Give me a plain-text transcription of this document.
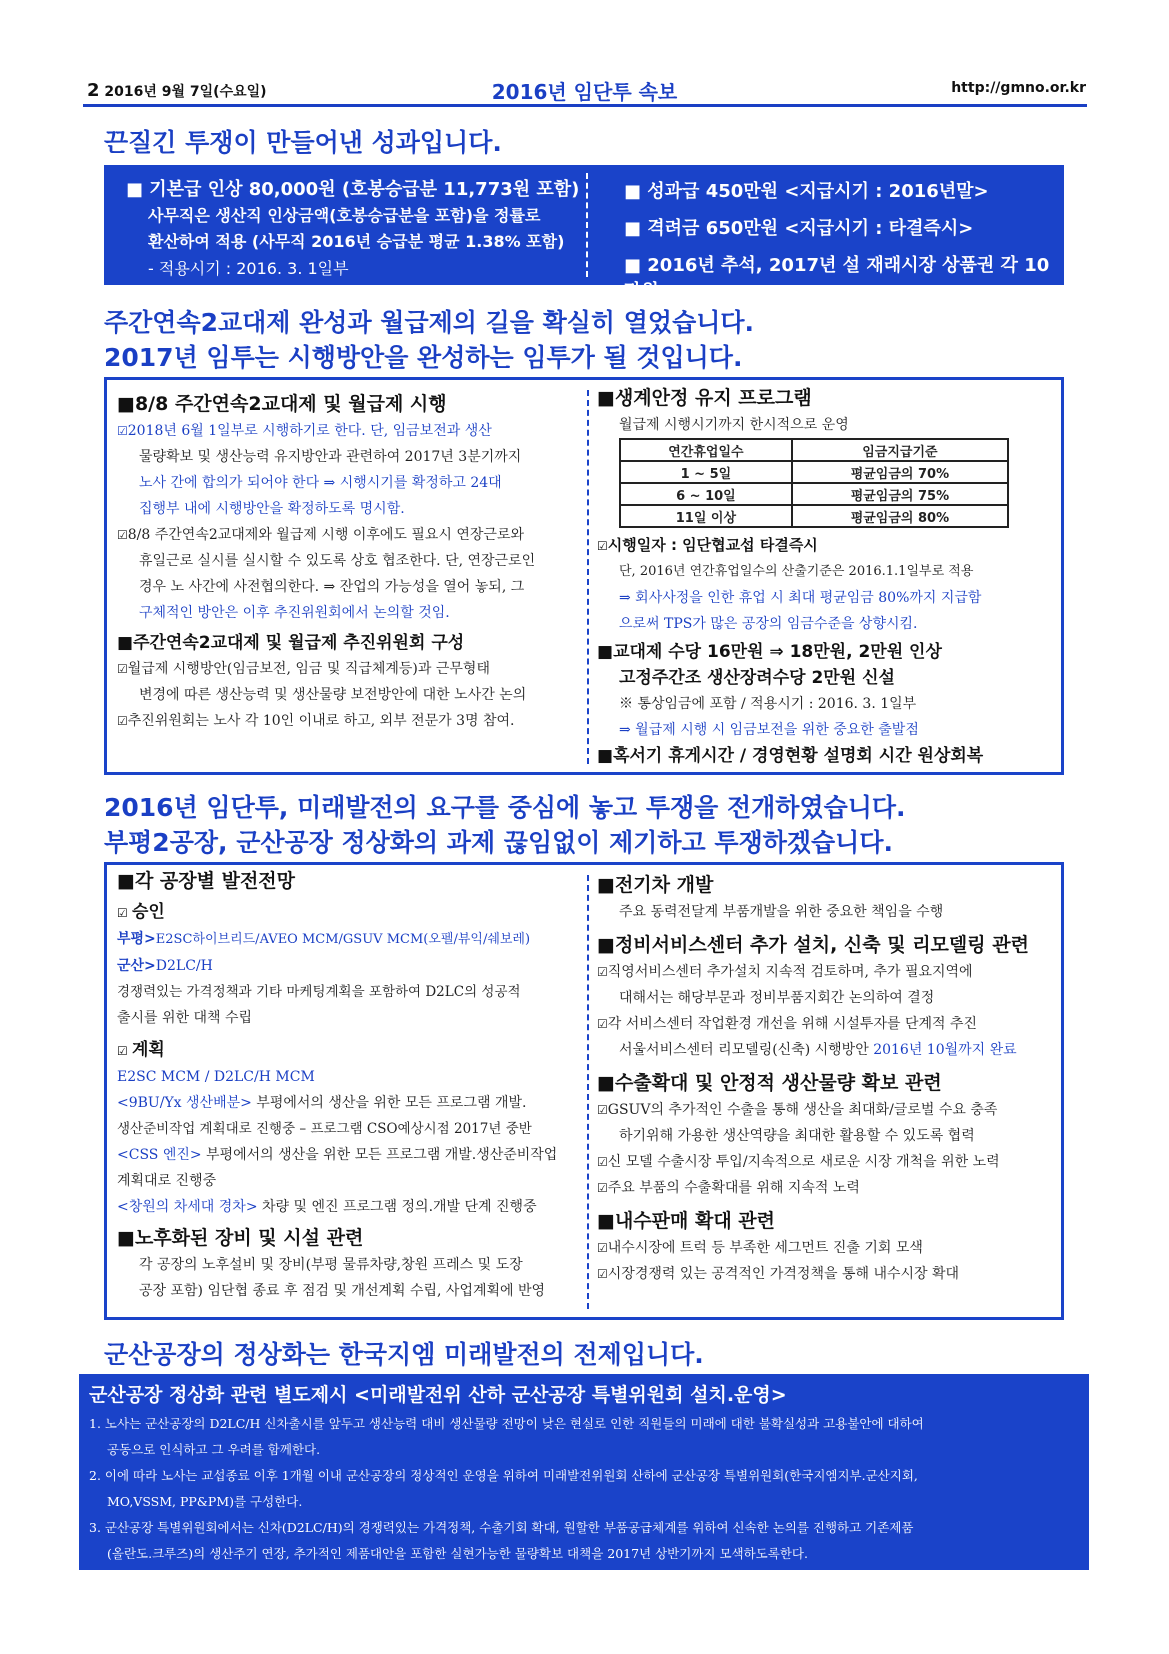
2 2016년 9월 7일(수요일)	2016년 임단투 속보	http://gmno.or.kr
끈질긴 투쟁이 만들어낸 성과입니다.
■ 기본급 인상 80,000원 (호봉승급분 11,773원 포함)
사무직은 생산직 인상금액(호봉승급분을 포함)을 정률로
환산하여 적용 (사무직 2016년 승급분 평균 1.38% 포함)
- 적용시기 : 2016. 3. 1일부
■ 성과급 450만원 <지급시기 : 2016년말>
■ 격려금 650만원 <지급시기 : 타결즉시>
■ 2016년 추석, 2017년 설 재래시장 상품권 각 10만원
주간연속2교대제 완성과 월급제의 길을 확실히 열었습니다.
2017년 임투는 시행방안을 완성하는 임투가 될 것입니다.
■ 8/8 주간연속2교대제 및 월급제 시행
☑2018년 6월 1일부로 시행하기로 한다. 단, 임금보전과 생산
물량확보 및 생산능력 유지방안과 관련하여 2017년 3분기까지
노사 간에 합의가 되어야 한다 ⇒ 시행시기를 확정하고 24대
집행부 내에 시행방안을 확정하도록 명시함.
☑8/8 주간연속2교대제와 월급제 시행 이후에도 필요시 연장근로와
휴일근로 실시를 실시할 수 있도록 상호 협조한다. 단, 연장근로인
경우 노 사간에 사전협의한다. ⇒ 잔업의 가능성을 열어 놓되, 그
구체적인 방안은 이후 추진위원회에서 논의할 것임.
■ 주간연속2교대제 및 월급제 추진위원회 구성
☑월급제 시행방안(임금보전, 임금 및 직급체계등)과 근무형태
변경에 따른 생산능력 및 생산물량 보전방안에 대한 노사간 논의
☑추진위원회는 노사 각 10인 이내로 하고, 외부 전문가 3명 참여.
■ 생계안정 유지 프로그램
월급제 시행시기까지 한시적으로 운영
연간휴업일수	임금지급기준
1 ~ 5일	평균임금의 70%
6 ~ 10일	평균임금의 75%
11일 이상	평균임금의 80%
☑시행일자 : 임단협교섭 타결즉시
단, 2016년 연간휴업일수의 산출기준은 2016.1.1일부로 적용
⇒ 회사사정을 인한 휴업 시 최대 평균임금 80%까지 지급함
으로써 TPS가 많은 공장의 임금수준을 상향시킴.
■ 교대제 수당 16만원 ⇒ 18만원, 2만원 인상
고정주간조 생산장려수당 2만원 신설
※ 통상임금에 포함 / 적용시기 : 2016. 3. 1일부
⇒ 월급제 시행 시 임금보전을 위한 중요한 출발점
■ 혹서기 휴게시간 / 경영현황 설명회 시간 원상회복
2016년 임단투, 미래발전의 요구를 중심에 놓고 투쟁을 전개하였습니다.
부평2공장, 군산공장 정상화의 과제 끊임없이 제기하고 투쟁하겠습니다.
■ 각 공장별 발전전망
☑ 승인
부평>E2SC하이브리드/AVEO MCM/GSUV MCM(오펠/뷰익/쉐보레)
군산>D2LC/H
경쟁력있는 가격정책과 기타 마케팅계획을 포함하여 D2LC의 성공적
출시를 위한 대책 수립
☑ 계획
E2SC MCM / D2LC/H MCM
<9BU/Yx 생산배분> 부평에서의 생산을 위한 모든 프로그램 개발.
생산준비작업 계획대로 진행중 – 프로그램 CSO예상시점 2017년 중반
<CSS 엔진> 부평에서의 생산을 위한 모든 프로그램 개발.생산준비작업
계획대로 진행중
<창원의 차세대 경차> 차량 및 엔진 프로그램 정의.개발 단계 진행중
■ 노후화된 장비 및 시설 관련
각 공장의 노후설비 및 장비(부평 물류차량,창원 프레스 및 도장
공장 포함) 임단협 종료 후 점검 및 개선계획 수립, 사업계획에 반영
■ 전기차 개발
주요 동력전달계 부품개발을 위한 중요한 책임을 수행
■ 정비서비스센터 추가 설치, 신축 및 리모델링 관련
☑직영서비스센터 추가설치 지속적 검토하며, 추가 필요지역에
대해서는 해당부문과 정비부품지회간 논의하여 결정
☑각 서비스센터 작업환경 개선을 위해 시설투자를 단계적 추진
서울서비스센터 리모델링(신축) 시행방안 2016년 10월까지 완료
■ 수출확대 및 안정적 생산물량 확보 관련
☑GSUV의 추가적인 수출을 통해 생산을 최대화/글로벌 수요 충족
하기위해 가용한 생산역량을 최대한 활용할 수 있도록 협력
☑신 모델 수출시장 투입/지속적으로 새로운 시장 개척을 위한 노력
☑주요 부품의 수출확대를 위해 지속적 노력
■ 내수판매 확대 관련
☑내수시장에 트럭 등 부족한 세그먼트 진출 기회 모색
☑시장경쟁력 있는 공격적인 가격정책을 통해 내수시장 확대
군산공장의 정상화는 한국지엠 미래발전의 전제입니다.
군산공장 정상화 관련 별도제시 <미래발전위 산하 군산공장 특별위원회 설치.운영>
1. 노사는 군산공장의 D2LC/H 신차출시를 앞두고 생산능력 대비 생산물량 전망이 낮은 현실로 인한 직원들의 미래에 대한 불확실성과 고용불안에 대하여
공동으로 인식하고 그 우려를 함께한다.
2. 이에 따라 노사는 교섭종료 이후 1개월 이내 군산공장의 정상적인 운영을 위하여 미래발전위원회 산하에 군산공장 특별위원회(한국지엠지부.군산지회,
MO,VSSM, PP&PM)를 구성한다.
3. 군산공장 특별위원회에서는 신차(D2LC/H)의 경쟁력있는 가격정책, 수출기회 확대, 원할한 부품공급체계를 위하여 신속한 논의를 진행하고 기존제품
(올란도.크루즈)의 생산주기 연장, 추가적인 제품대안을 포함한 실현가능한 물량확보 대책을 2017년 상반기까지 모색하도록한다.
